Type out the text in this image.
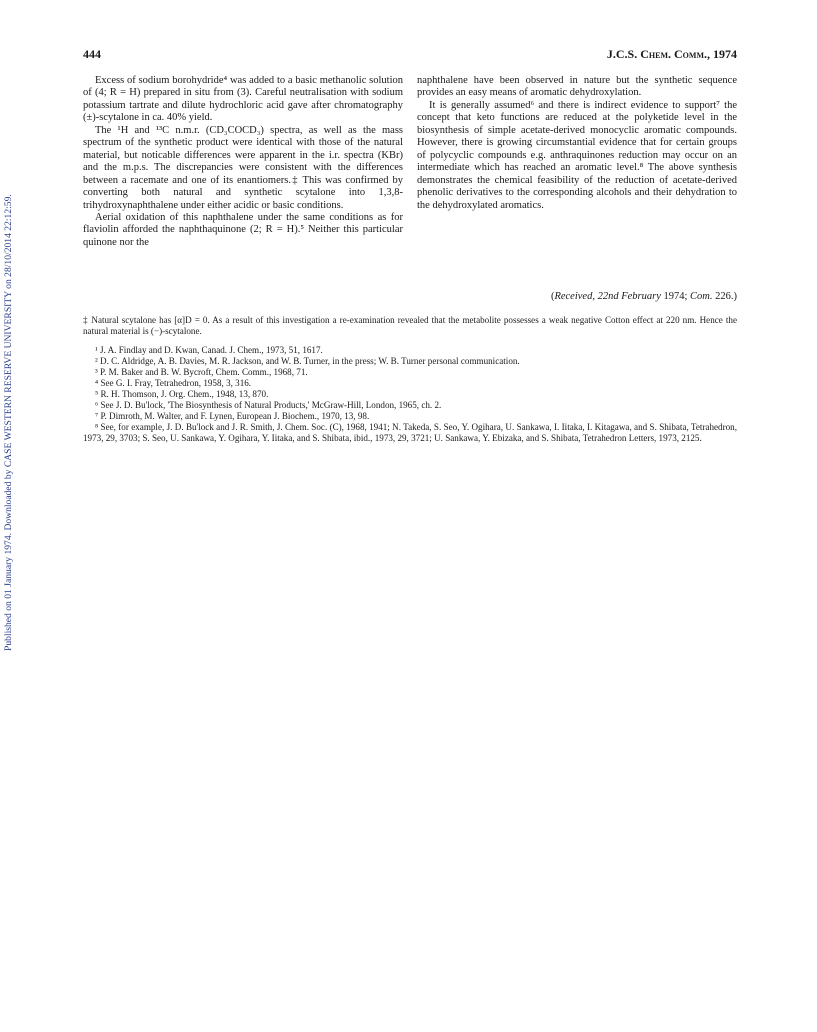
Published on 01 January 1974. Downloaded by CASE WESTERN RESERVE UNIVERSITY on 28/10/2014 22:12:59.
444	J.C.S. Chem. Comm., 1974

Excess of sodium borohydride⁴ was added to a basic methanolic solution of (4; R = H) prepared in situ from (3). Careful neutralisation with sodium potassium tartrate and dilute hydrochloric acid gave after chromatography (±)-scytalone in ca. 40% yield.

The ¹H and ¹³C n.m.r. (CD₃COCD₃) spectra, as well as the mass spectrum of the synthetic product were identical with those of the natural material, but noticable differences were apparent in the i.r. spectra (KBr) and the m.p.s. The discrepancies were consistent with the differences between a racemate and one of its enantiomers.‡ This was confirmed by converting both natural and synthetic scytalone into 1,3,8-trihydroxynaphthalene under either acidic or basic conditions.

Aerial oxidation of this naphthalene under the same conditions as for flaviolin afforded the naphthaquinone (2; R = H).⁵ Neither this particular quinone nor the

naphthalene have been observed in nature but the synthetic sequence provides an easy means of aromatic dehydroxylation.

It is generally assumed⁶ and there is indirect evidence to support⁷ the concept that keto functions are reduced at the polyketide level in the biosynthesis of simple acetate-derived monocyclic aromatic compounds. However, there is growing circumstantial evidence that for certain groups of polycyclic compounds e.g. anthraquinones reduction may occur on an intermediate which has reached an aromatic level.⁸ The above synthesis demonstrates the chemical feasibility of the reduction of acetate-derived phenolic derivatives to the corresponding alcohols and their dehydration to the dehydroxylated aromatics.

(Received, 22nd February 1974; Com. 226.)
‡ Natural scytalone has [α]D = 0. As a result of this investigation a re-examination revealed that the metabolite possesses a weak negative Cotton effect at 220 nm. Hence the natural material is (−)-scytalone.
¹ J. A. Findlay and D. Kwan, Canad. J. Chem., 1973, 51, 1617.
² D. C. Aldridge, A. B. Davies, M. R. Jackson, and W. B. Turner, in the press; W. B. Turner personal communication.
³ P. M. Baker and B. W. Bycroft, Chem. Comm., 1968, 71.
⁴ See G. I. Fray, Tetrahedron, 1958, 3, 316.
⁵ R. H. Thomson, J. Org. Chem., 1948, 13, 870.
⁶ See J. D. Bu'lock, 'The Biosynthesis of Natural Products,' McGraw-Hill, London, 1965, ch. 2.
⁷ P. Dimroth, M. Walter, and F. Lynen, European J. Biochem., 1970, 13, 98.
⁸ See, for example, J. D. Bu'lock and J. R. Smith, J. Chem. Soc. (C), 1968, 1941; N. Takeda, S. Seo, Y. Ogihara, U. Sankawa, I. Iitaka, I. Kitagawa, and S. Shibata, Tetrahedron, 1973, 29, 3703; S. Seo, U. Sankawa, Y. Ogihara, Y. Iitaka, and S. Shibata, ibid., 1973, 29, 3721; U. Sankawa, Y. Ebizaka, and S. Shibata, Tetrahedron Letters, 1973, 2125.
